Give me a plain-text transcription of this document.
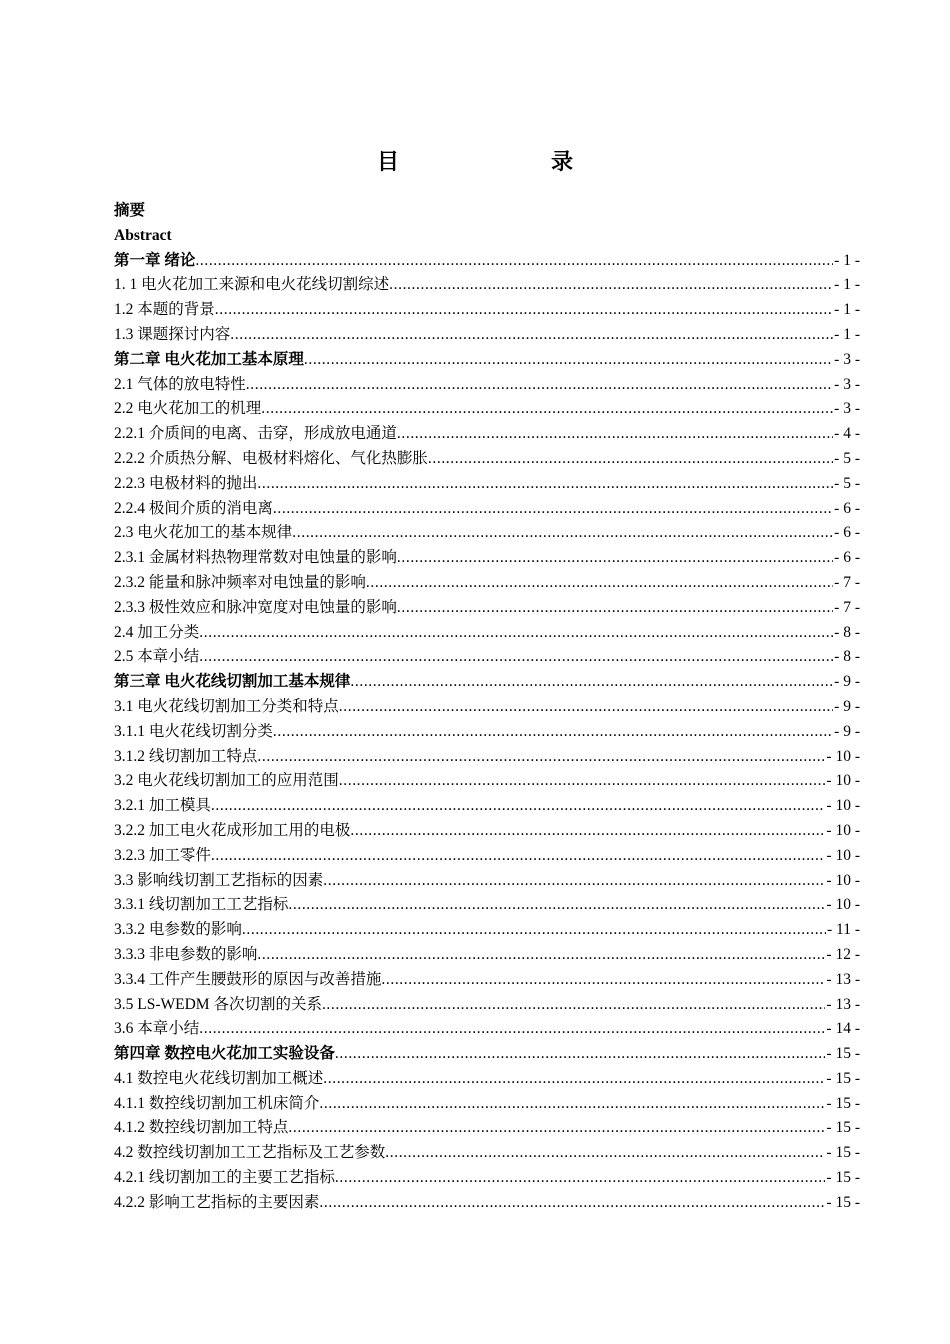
目　　录
摘要
Abstract
第一章 绪论 .....	- 1 -
1. 1 电火花加工来源和电火花线切割综述 .....	- 1 -
1.2 本题的背景 .....	- 1 -
1.3 课题探讨内容 .....	- 1 -
第二章 电火花加工基本原理 .....	- 3 -
2.1 气体的放电特性 .....	- 3 -
2.2 电火花加工的机理 .....	- 3 -
2.2.1 介质间的电离、击穿，形成放电通道 .....	- 4 -
2.2.2 介质热分解、电极材料熔化、气化热膨胀 .....	- 5 -
2.2.3 电极材料的抛出 .....	- 5 -
2.2.4 极间介质的消电离 .....	- 6 -
2.3 电火花加工的基本规律 .....	- 6 -
2.3.1 金属材料热物理常数对电蚀量的影响 .....	- 6 -
2.3.2 能量和脉冲频率对电蚀量的影响 .....	- 7 -
2.3.3 极性效应和脉冲宽度对电蚀量的影响 .....	- 7 -
2.4 加工分类 .....	- 8 -
2.5 本章小结 .....	- 8 -
第三章 电火花线切割加工基本规律 .....	- 9 -
3.1 电火花线切割加工分类和特点 .....	- 9 -
3.1.1 电火花线切割分类 .....	- 9 -
3.1.2 线切割加工特点 .....	- 10 -
3.2 电火花线切割加工的应用范围 .....	- 10 -
3.2.1 加工模具 .....	- 10 -
3.2.2 加工电火花成形加工用的电极 .....	- 10 -
3.2.3 加工零件 .....	- 10 -
3.3 影响线切割工艺指标的因素 .....	- 10 -
3.3.1 线切割加工工艺指标 .....	- 10 -
3.3.2 电参数的影响 .....	- 11 -
3.3.3 非电参数的影响 .....	- 12 -
3.3.4 工件产生腰鼓形的原因与改善措施 .....	- 13 -
3.5 LS-WEDM 各次切割的关系 .....	- 13 -
3.6 本章小结 .....	- 14 -
第四章 数控电火花加工实验设备 .....	- 15 -
4.1 数控电火花线切割加工概述 .....	- 15 -
4.1.1 数控线切割加工机床简介 .....	- 15 -
4.1.2 数控线切割加工特点 .....	- 15 -
4.2 数控线切割加工工艺指标及工艺参数 .....	- 15 -
4.2.1 线切割加工的主要工艺指标 .....	- 15 -
4.2.2 影响工艺指标的主要因素 .....	- 15 -
